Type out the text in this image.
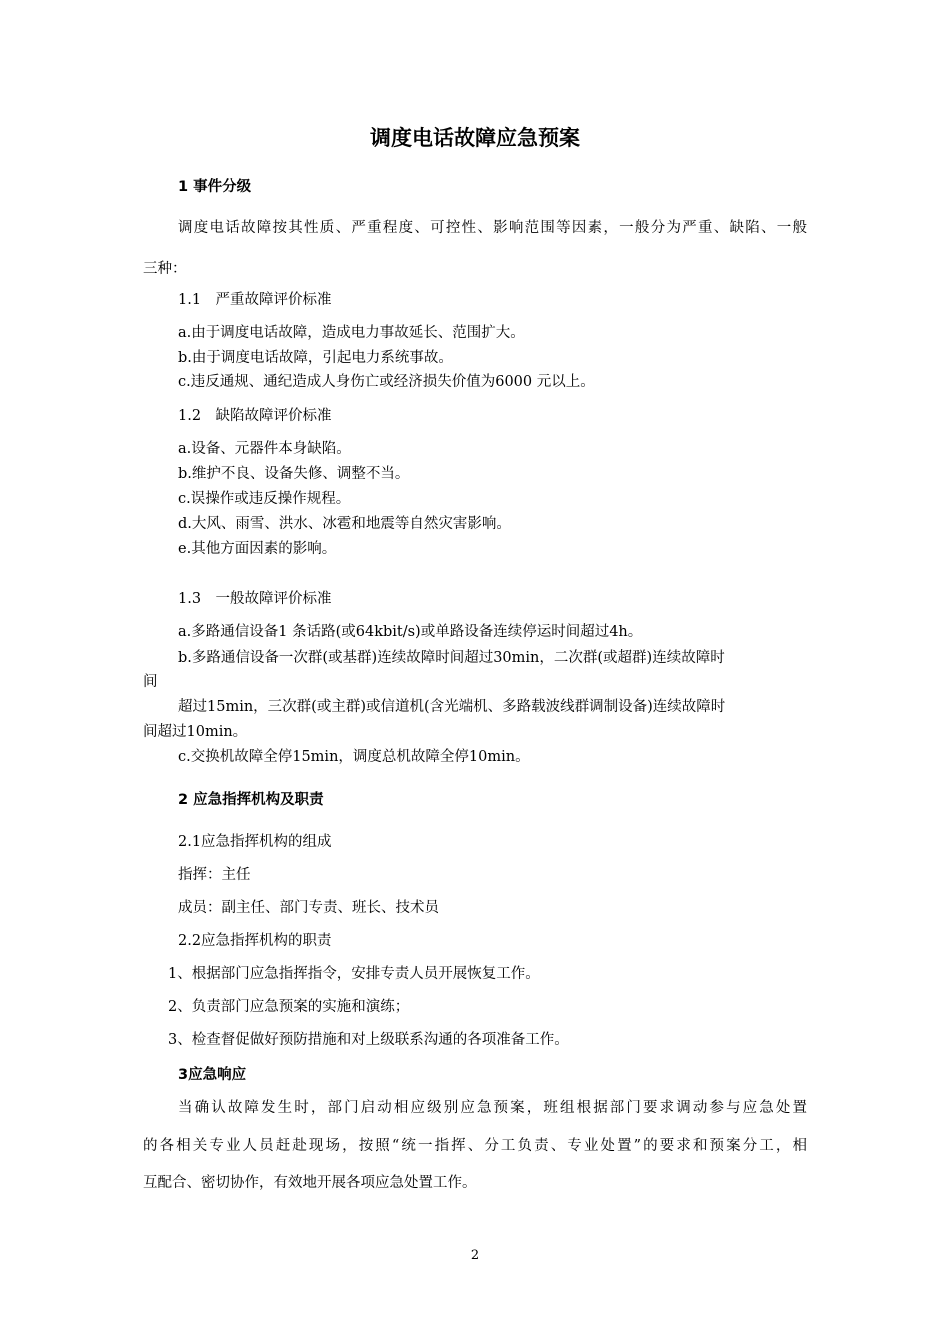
调度电话故障应急预案
1 事件分级
调度电话故障按其性质、严重程度、可控性、影响范围等因素，一般分为严重、缺陷、一般
三种：
1.1　严重故障评价标准
a.由于调度电话故障，造成电力事故延长、范围扩大。
b.由于调度电话故障，引起电力系统事故。
c.违反通规、通纪造成人身伤亡或经济损失价值为6000 元以上。
1.2　缺陷故障评价标准
a.设备、元器件本身缺陷。
b.维护不良、设备失修、调整不当。
c.误操作或违反操作规程。
d.大风、雨雪、洪水、冰雹和地震等自然灾害影响。
e.其他方面因素的影响。
1.3　一般故障评价标准
a.多路通信设备1 条话路(或64kbit/s)或单路设备连续停运时间超过4h。
b.多路通信设备一次群(或基群)连续故障时间超过30min，二次群(或超群)连续故障时
间
超过15min，三次群(或主群)或信道机(含光端机、多路载波线群调制设备)连续故障时
间超过10min。
c.交换机故障全停15min，调度总机故障全停10min。
2 应急指挥机构及职责
2.1应急指挥机构的组成
指挥：主任
成员：副主任、部门专责、班长、技术员
2.2应急指挥机构的职责
1、根据部门应急指挥指令，安排专责人员开展恢复工作。
2、负责部门应急预案的实施和演练；
3、检查督促做好预防措施和对上级联系沟通的各项准备工作。
3应急响应
当确认故障发生时，部门启动相应级别应急预案，班组根据部门要求调动参与应急处置
的各相关专业人员赶赴现场，按照“统一指挥、分工负责、专业处置”的要求和预案分工，相
互配合、密切协作，有效地开展各项应急处置工作。
2
